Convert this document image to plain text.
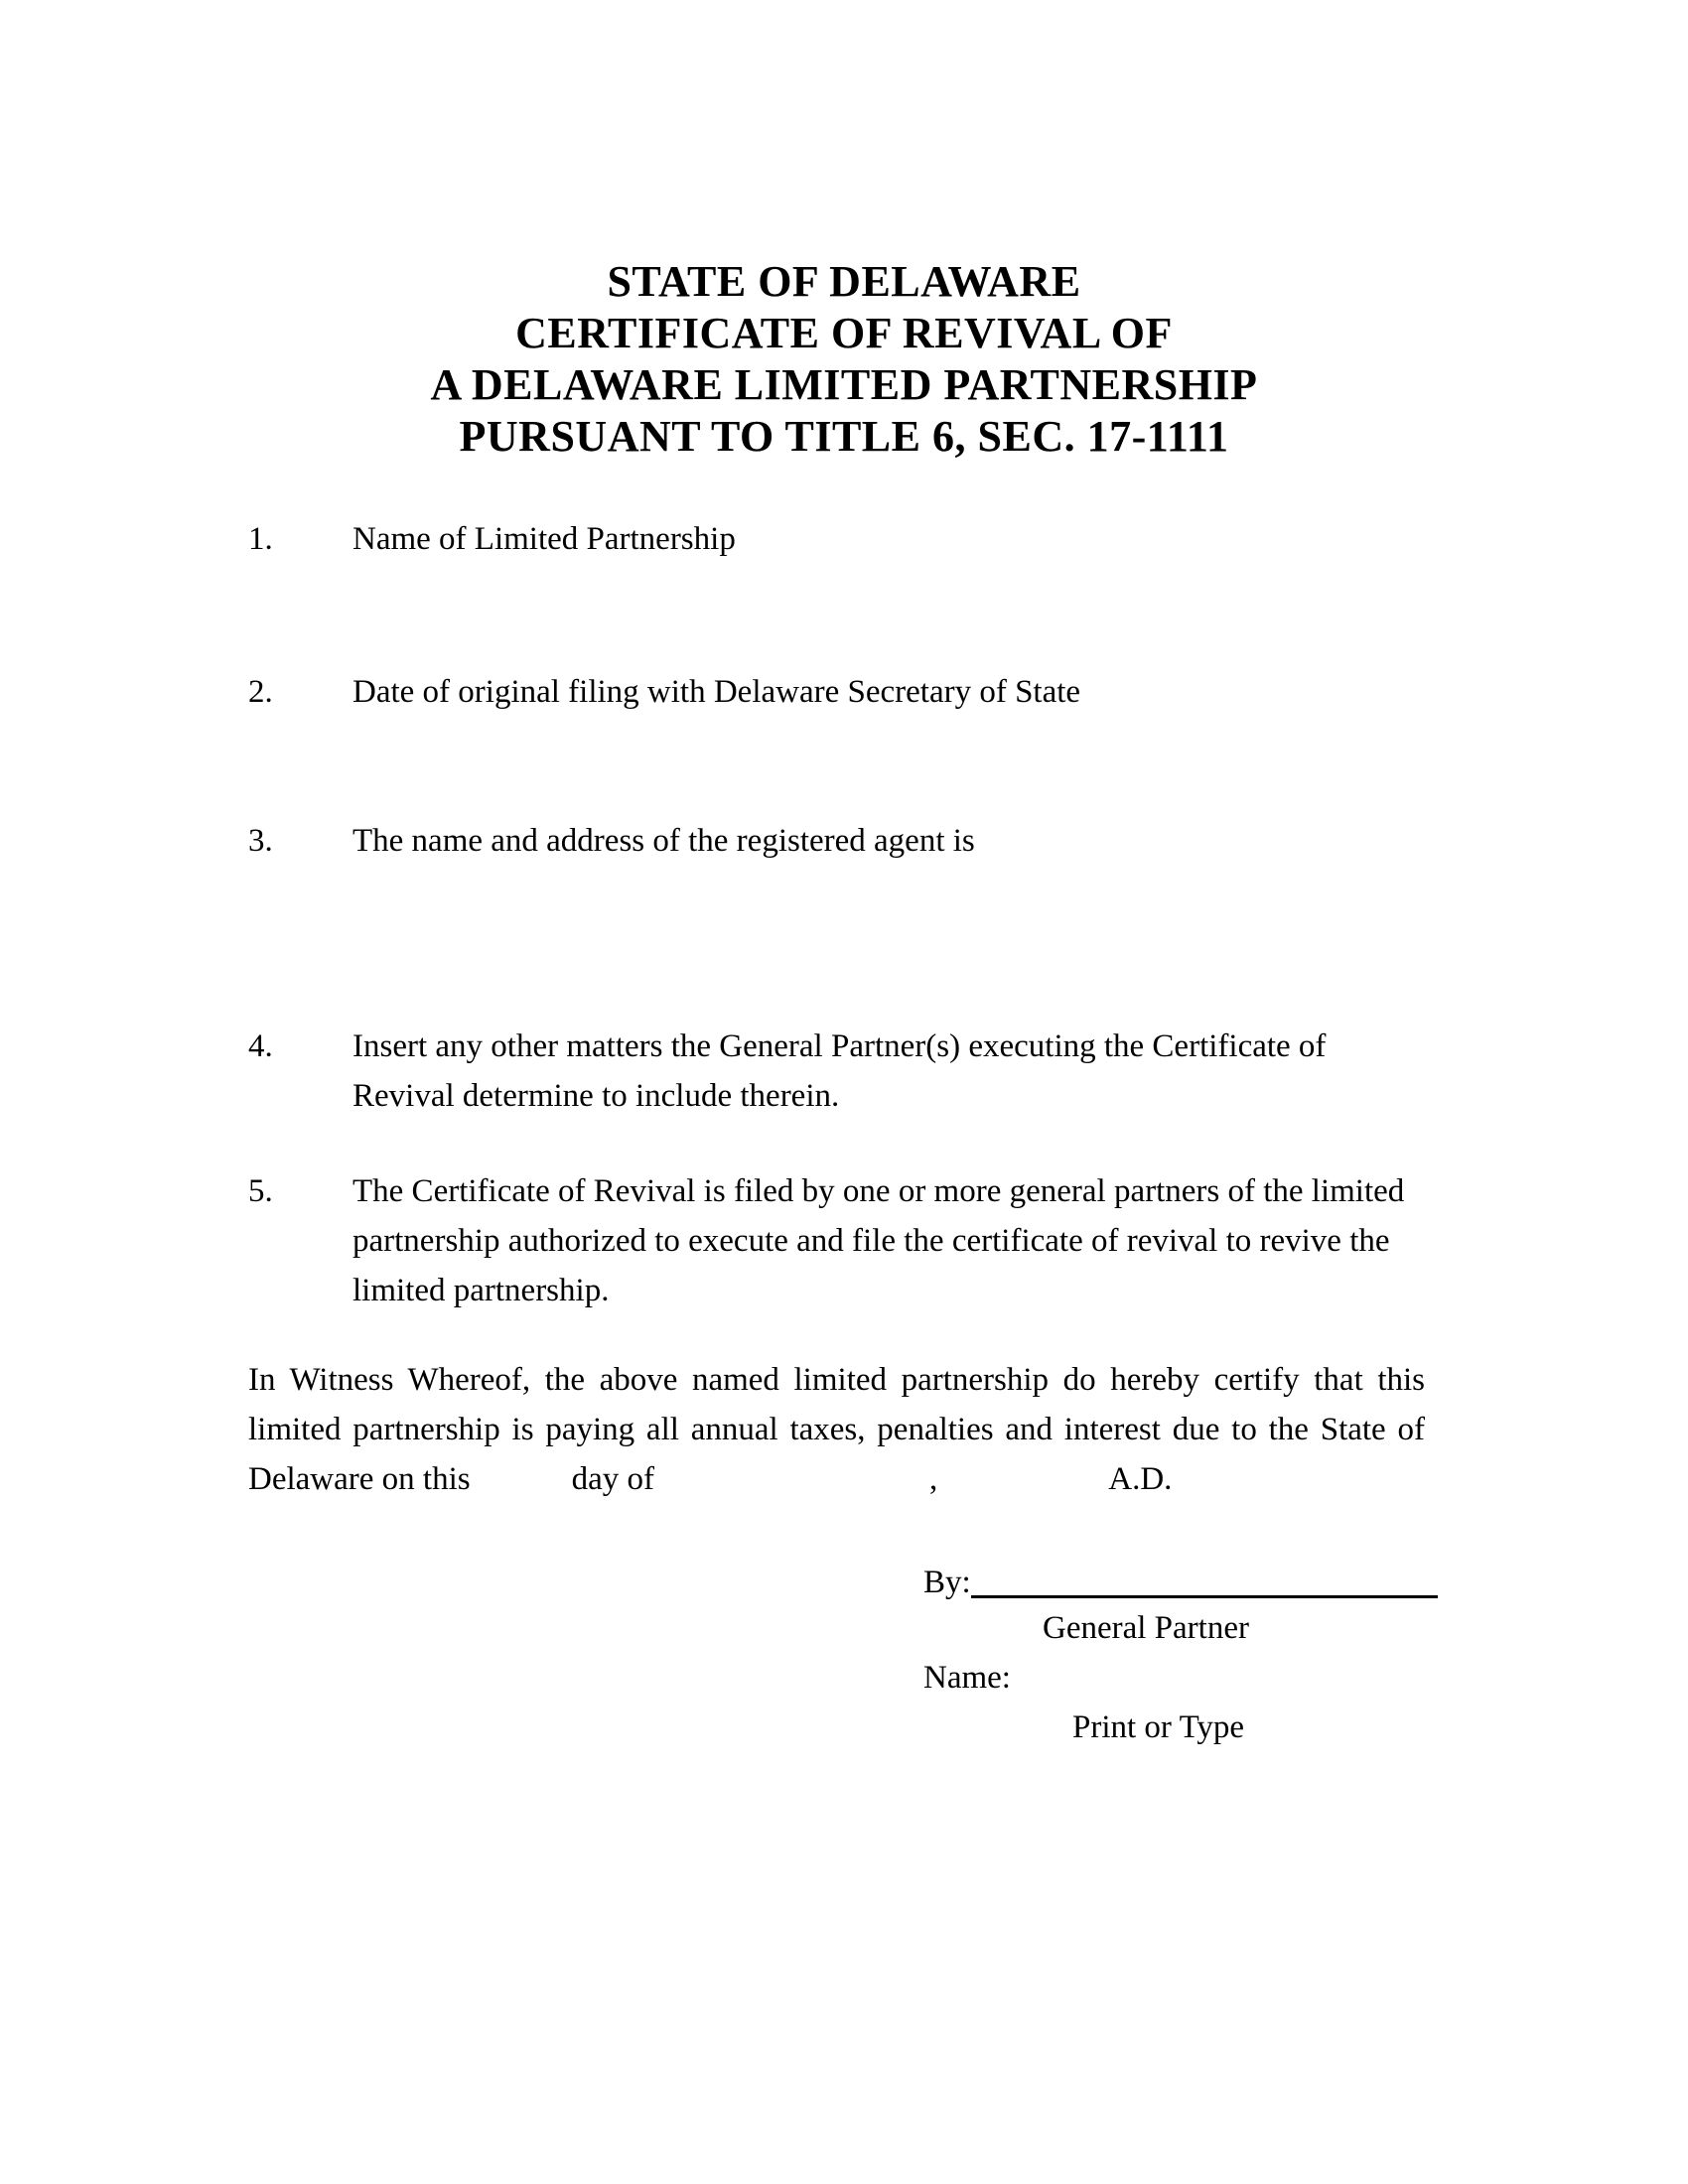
STATE OF DELAWARE
CERTIFICATE OF REVIVAL OF
A DELAWARE LIMITED PARTNERSHIP
PURSUANT TO TITLE 6, SEC. 17-1111
1. Name of Limited Partnership
2. Date of original filing with Delaware Secretary of State
3. The name and address of the registered agent is
4. Insert any other matters the General Partner(s) executing the Certificate of
Revival determine to include therein.
5. The Certificate of Revival is filed by one or more general partners of the limited
partnership authorized to execute and file the certificate of revival to revive the
limited partnership.
In Witness Whereof, the above named limited partnership do hereby certify that this
limited partnership is paying all annual taxes, penalties and interest due to the State of
Delaware on this	day of	,	A.D.
By:
General Partner
Name:
Print or Type
